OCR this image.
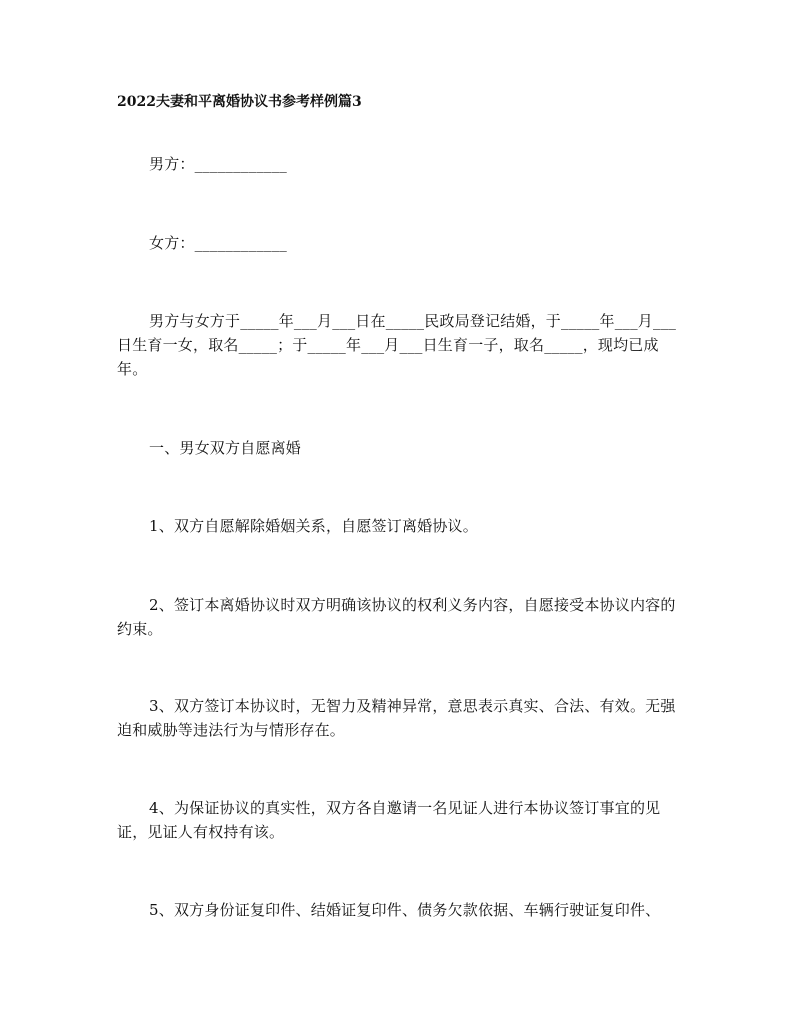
2022夫妻和平离婚协议书参考样例篇3
男方：____________
女方：____________
男方与女方于_____年___月___日在_____民政局登记结婚，于_____年___月___日生育一女，取名_____；于_____年___月___日生育一子，取名_____，现均已成年。
一、男女双方自愿离婚
1、双方自愿解除婚姻关系，自愿签订离婚协议。
2、签订本离婚协议时双方明确该协议的权利义务内容，自愿接受本协议内容的约束。
3、双方签订本协议时，无智力及精神异常，意思表示真实、合法、有效。无强迫和威胁等违法行为与情形存在。
4、为保证协议的真实性，双方各自邀请一名见证人进行本协议签订事宜的见证，见证人有权持有该。
5、双方身份证复印件、结婚证复印件、债务欠款依据、车辆行驶证复印件、
